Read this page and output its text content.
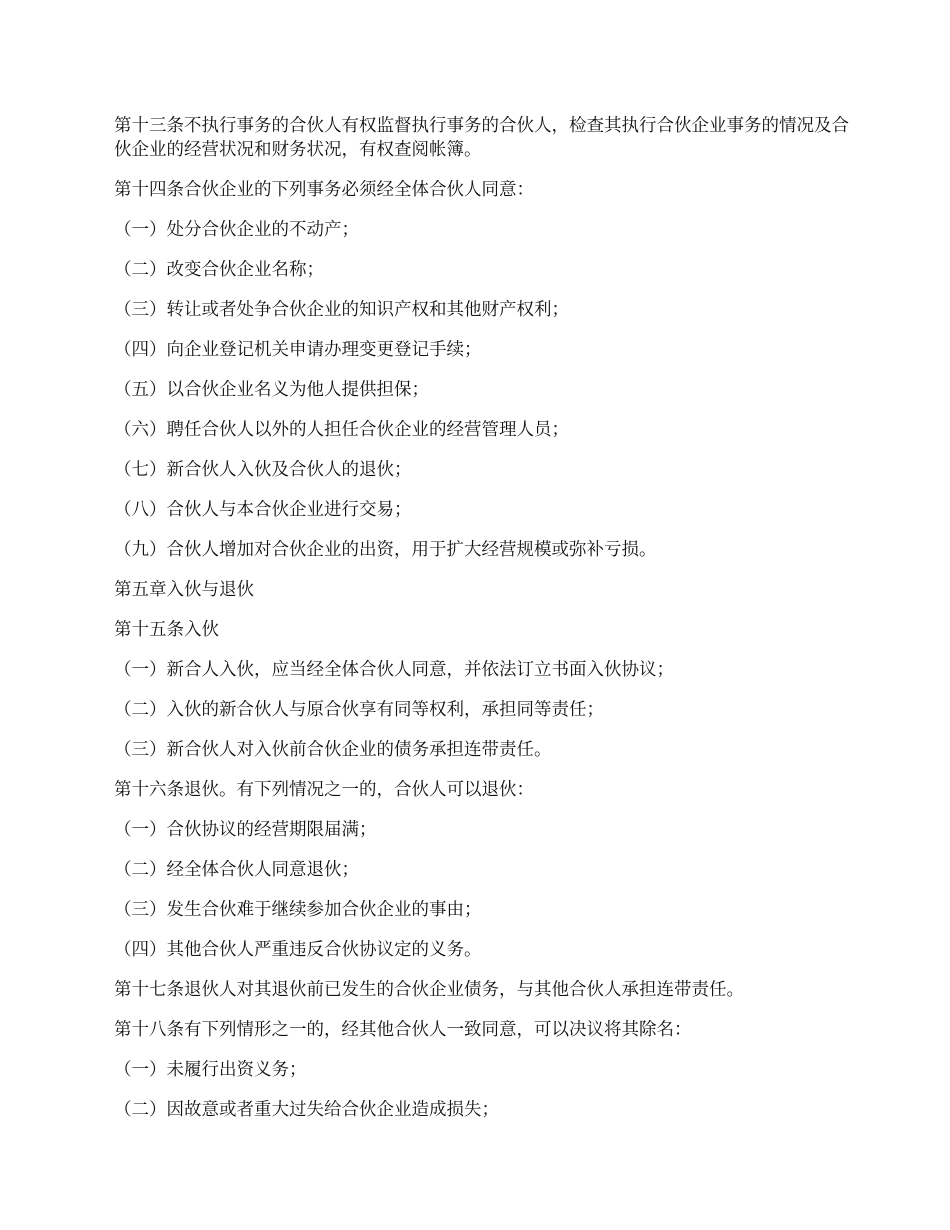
第十三条不执行事务的合伙人有权监督执行事务的合伙人，检查其执行合伙企业事务的情况及合伙企业的经营状况和财务状况，有权查阅帐簿。

第十四条合伙企业的下列事务必须经全体合伙人同意：

（一）处分合伙企业的不动产；

（二）改变合伙企业名称；

（三）转让或者处争合伙企业的知识产权和其他财产权利；

（四）向企业登记机关申请办理变更登记手续；

（五）以合伙企业名义为他人提供担保；

（六）聘任合伙人以外的人担任合伙企业的经营管理人员；

（七）新合伙人入伙及合伙人的退伙；

（八）合伙人与本合伙企业进行交易；

（九）合伙人增加对合伙企业的出资，用于扩大经营规模或弥补亏损。

第五章入伙与退伙

第十五条入伙

（一）新合人入伙，应当经全体合伙人同意，并依法订立书面入伙协议；

（二）入伙的新合伙人与原合伙享有同等权利，承担同等责任；

（三）新合伙人对入伙前合伙企业的债务承担连带责任。

第十六条退伙。有下列情况之一的，合伙人可以退伙：

（一）合伙协议的经营期限届满；

（二）经全体合伙人同意退伙；

（三）发生合伙难于继续参加合伙企业的事由；

（四）其他合伙人严重违反合伙协议定的义务。

第十七条退伙人对其退伙前已发生的合伙企业债务，与其他合伙人承担连带责任。

第十八条有下列情形之一的，经其他合伙人一致同意，可以决议将其除名：

（一）未履行出资义务；

（二）因故意或者重大过失给合伙企业造成损失；
